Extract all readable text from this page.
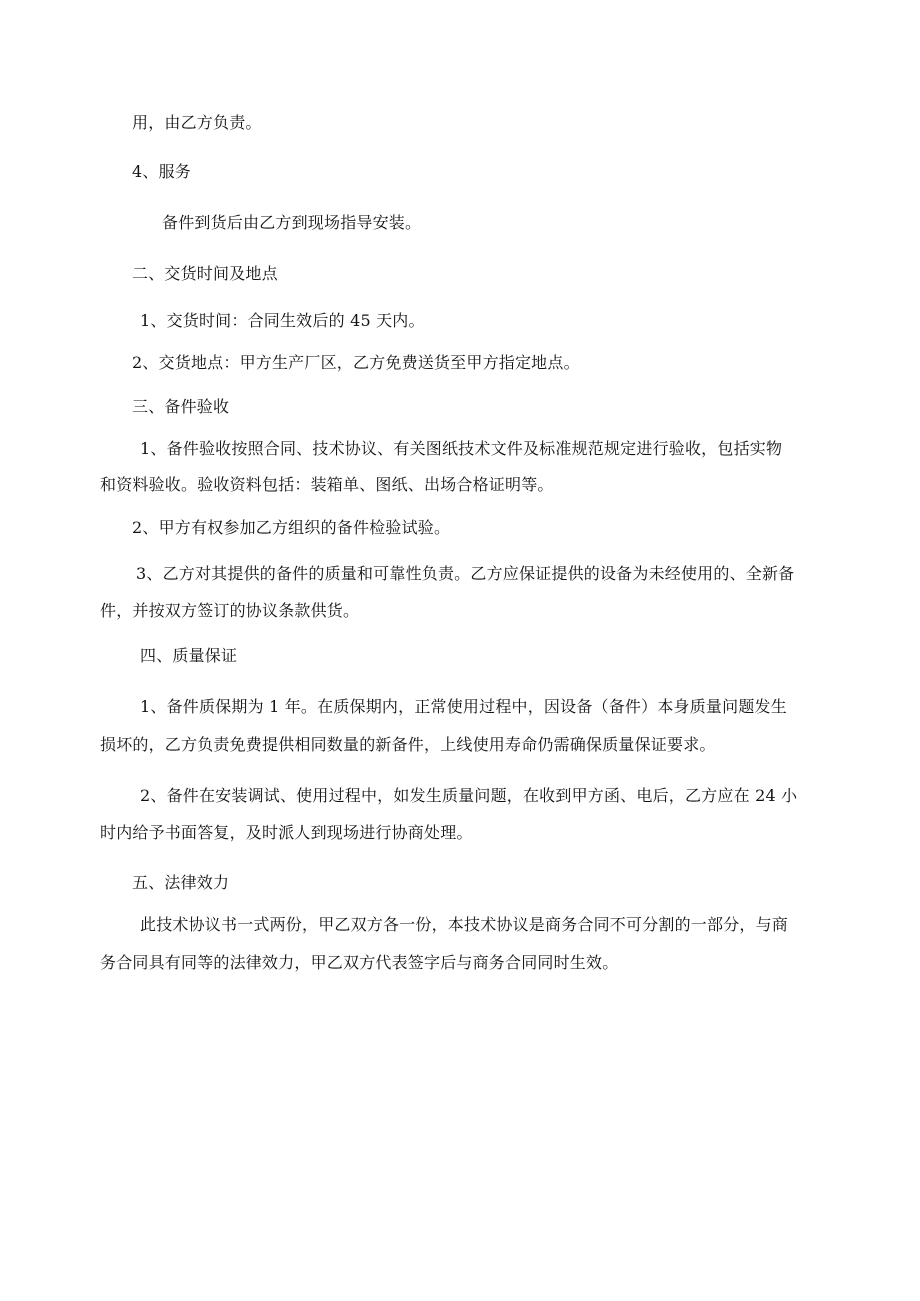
用，由乙方负责。
4、服务
备件到货后由乙方到现场指导安装。
二、交货时间及地点
1、交货时间：合同生效后的 45 天内。
2、交货地点：甲方生产厂区，乙方免费送货至甲方指定地点。
三、备件验收
1、备件验收按照合同、技术协议、有关图纸技术文件及标准规范规定进行验收，包括实物
和资料验收。验收资料包括：装箱单、图纸、出场合格证明等。
2、甲方有权参加乙方组织的备件检验试验。
3、乙方对其提供的备件的质量和可靠性负责。乙方应保证提供的设备为未经使用的、全新备
件，并按双方签订的协议条款供货。
四、质量保证
1、备件质保期为 1 年。在质保期内，正常使用过程中，因设备（备件）本身质量问题发生
损坏的，乙方负责免费提供相同数量的新备件，上线使用寿命仍需确保质量保证要求。
2、备件在安装调试、使用过程中，如发生质量问题，在收到甲方函、电后，乙方应在 24 小
时内给予书面答复，及时派人到现场进行协商处理。
五、法律效力
此技术协议书一式两份，甲乙双方各一份，本技术协议是商务合同不可分割的一部分，与商
务合同具有同等的法律效力，甲乙双方代表签字后与商务合同同时生效。
